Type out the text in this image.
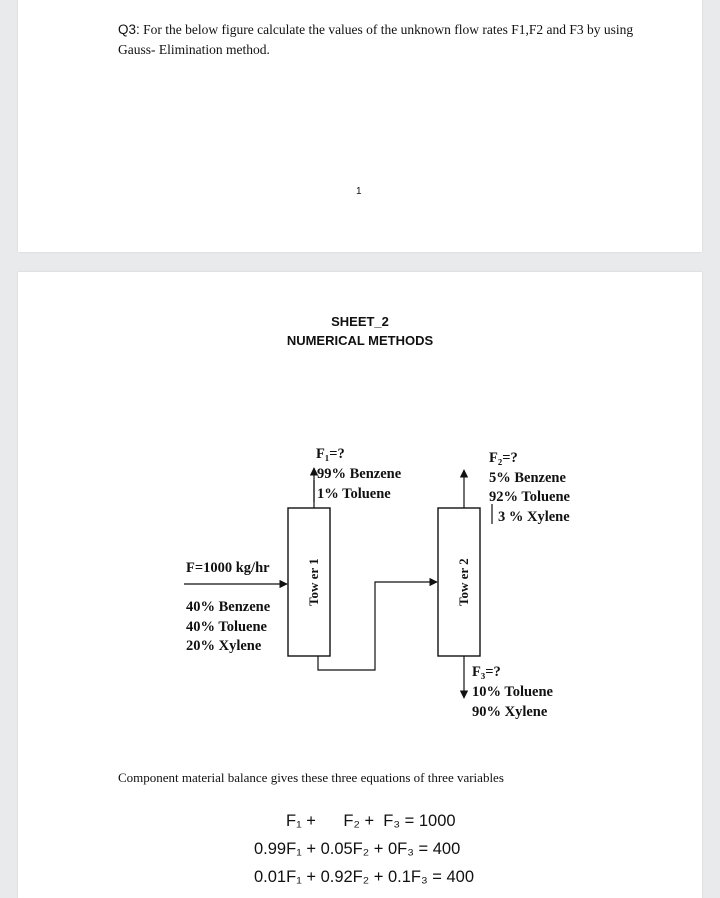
Q3: For the below figure calculate the values of the unknown flow rates F1,F2 and F3 by using Gauss- Elimination method.
1
SHEET_2
NUMERICAL METHODS
Tow er 1	Tow er 2
F=1000 kg/hr
40% Benzene
40% Toluene
20% Xylene
F₁=?
99% Benzene
1% Toluene
F₂=?
5% Benzene
92% Toluene
3 % Xylene
F₃=?
10% Toluene
90% Xylene
Component material balance gives these three equations of three variables
F₁ +      F₂ +  F₃ = 1000
0.99F₁ + 0.05F₂ + 0F₃ = 400
0.01F₁ + 0.92F₂ + 0.1F₃ = 400
